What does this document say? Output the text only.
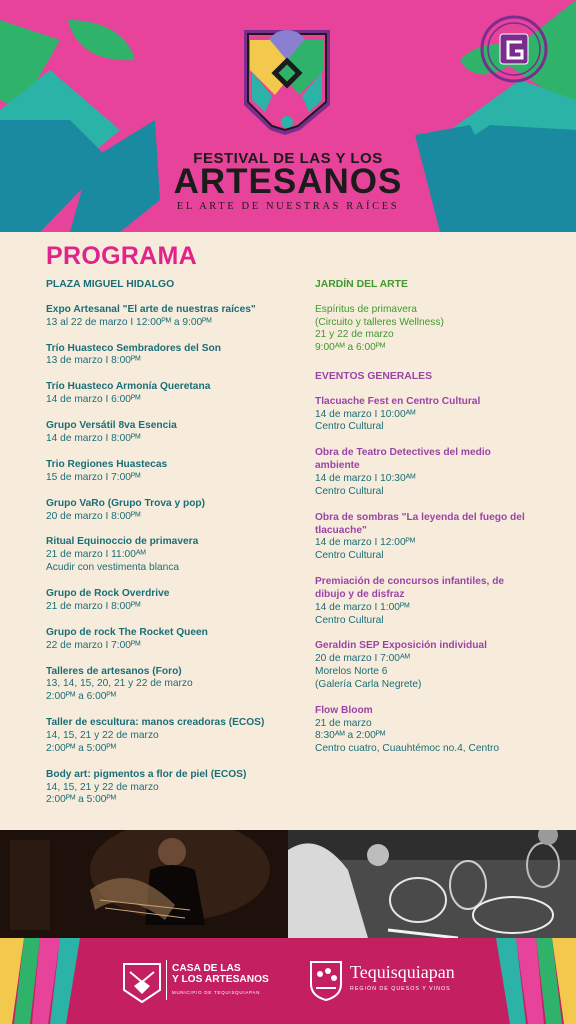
FESTIVAL DE LAS Y LOS
ARTESANOS
EL ARTE DE NUESTRAS RAÍCES
PROGRAMA
PLAZA MIGUEL HIDALGO
Expo Artesanal "El arte de nuestras raíces"
13 al 22 de marzo I 12:00ᴾᴹ a 9:00ᴾᴹ
Trío Huasteco Sembradores del Son
13 de marzo I 8:00ᴾᴹ
Trío Huasteco Armonía Queretana
14 de marzo I 6:00ᴾᴹ
Grupo Versátil 8va Esencia
14 de marzo I 8:00ᴾᴹ
Trio Regiones Huastecas
15 de marzo I 7:00ᴾᴹ
Grupo VaRo (Grupo Trova y pop)
20 de marzo I 8:00ᴾᴹ
Ritual Equinoccio de primavera
21 de marzo I 11:00ᴬᴹ
Acudir con vestimenta blanca
Grupo de Rock Overdrive
21 de marzo I 8:00ᴾᴹ
Grupo de rock The Rocket Queen
22 de marzo I 7:00ᴾᴹ
Talleres de artesanos (Foro)
13, 14, 15, 20, 21 y 22 de marzo
2:00ᴾᴹ a 6:00ᴾᴹ
Taller de escultura: manos creadoras (ECOS)
14, 15, 21 y 22 de marzo
2:00ᴾᴹ a 5:00ᴾᴹ
Body art: pigmentos a flor de piel (ECOS)
14, 15, 21 y 22 de marzo
2:00ᴾᴹ a 5:00ᴾᴹ
JARDÍN DEL ARTE
Espíritus de primavera
(Circuito y talleres Wellness)
21 y 22 de marzo
9:00ᴬᴹ a 6:00ᴾᴹ
EVENTOS GENERALES
Tlacuache Fest en Centro Cultural
14 de marzo I 10:00ᴬᴹ
Centro Cultural
Obra de Teatro Detectives del medio ambiente
14 de marzo I 10:30ᴬᴹ
Centro Cultural
Obra de sombras "La leyenda del fuego del tlacuache"
14 de marzo I 12:00ᴾᴹ
Centro Cultural
Premiación de concursos infantiles, de dibujo y de disfraz
14 de marzo I 1:00ᴾᴹ
Centro Cultural
Geraldin SEP Exposición individual
20 de marzo I 7:00ᴬᴹ
Morelos Norte 6
(Galería Carla Negrete)
Flow Bloom
21 de marzo
8:30ᴬᴹ a 2:00ᴾᴹ
Centro cuatro, Cuauhtémoc no.4, Centro
CASA DE LAS
Y LOS ARTESANOS
MUNICIPIO DE TEQUISQUIAPAN
Tequisquiapan
REGIÓN DE QUESOS Y VINOS
